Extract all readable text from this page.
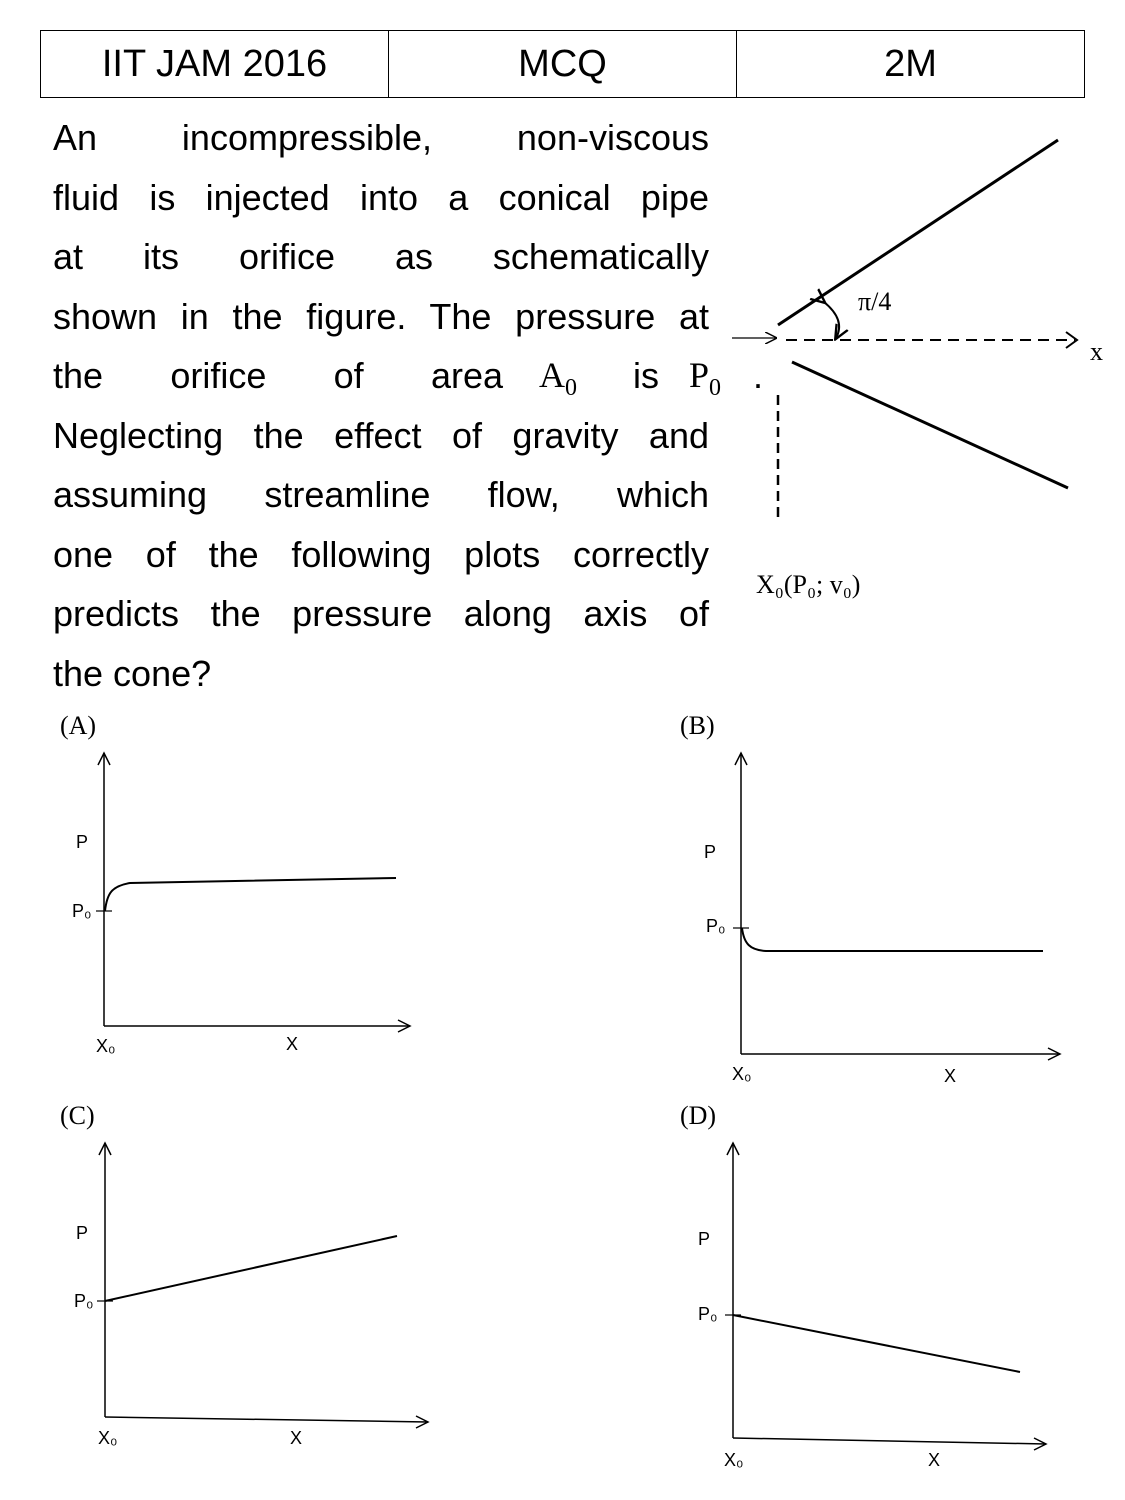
IIT JAM 2016	MCQ	2M
An incompressible, non-viscous
fluid is injected into a conical pipe
at its orifice as schematically
shown in the figure. The pressure at
the orifice of area $A_0$ is $P_0$ .
Neglecting the effect of gravity and
assuming streamline flow, which
one of the following plots correctly
predicts the pressure along axis of
the cone?
π/4
x
X₀(P₀; v₀)
(A)
P
P₀
X₀	X
(B)
P
P₀
X₀	X
(C)
P
P₀
X₀	X
(D)
P
P₀
X₀	X
